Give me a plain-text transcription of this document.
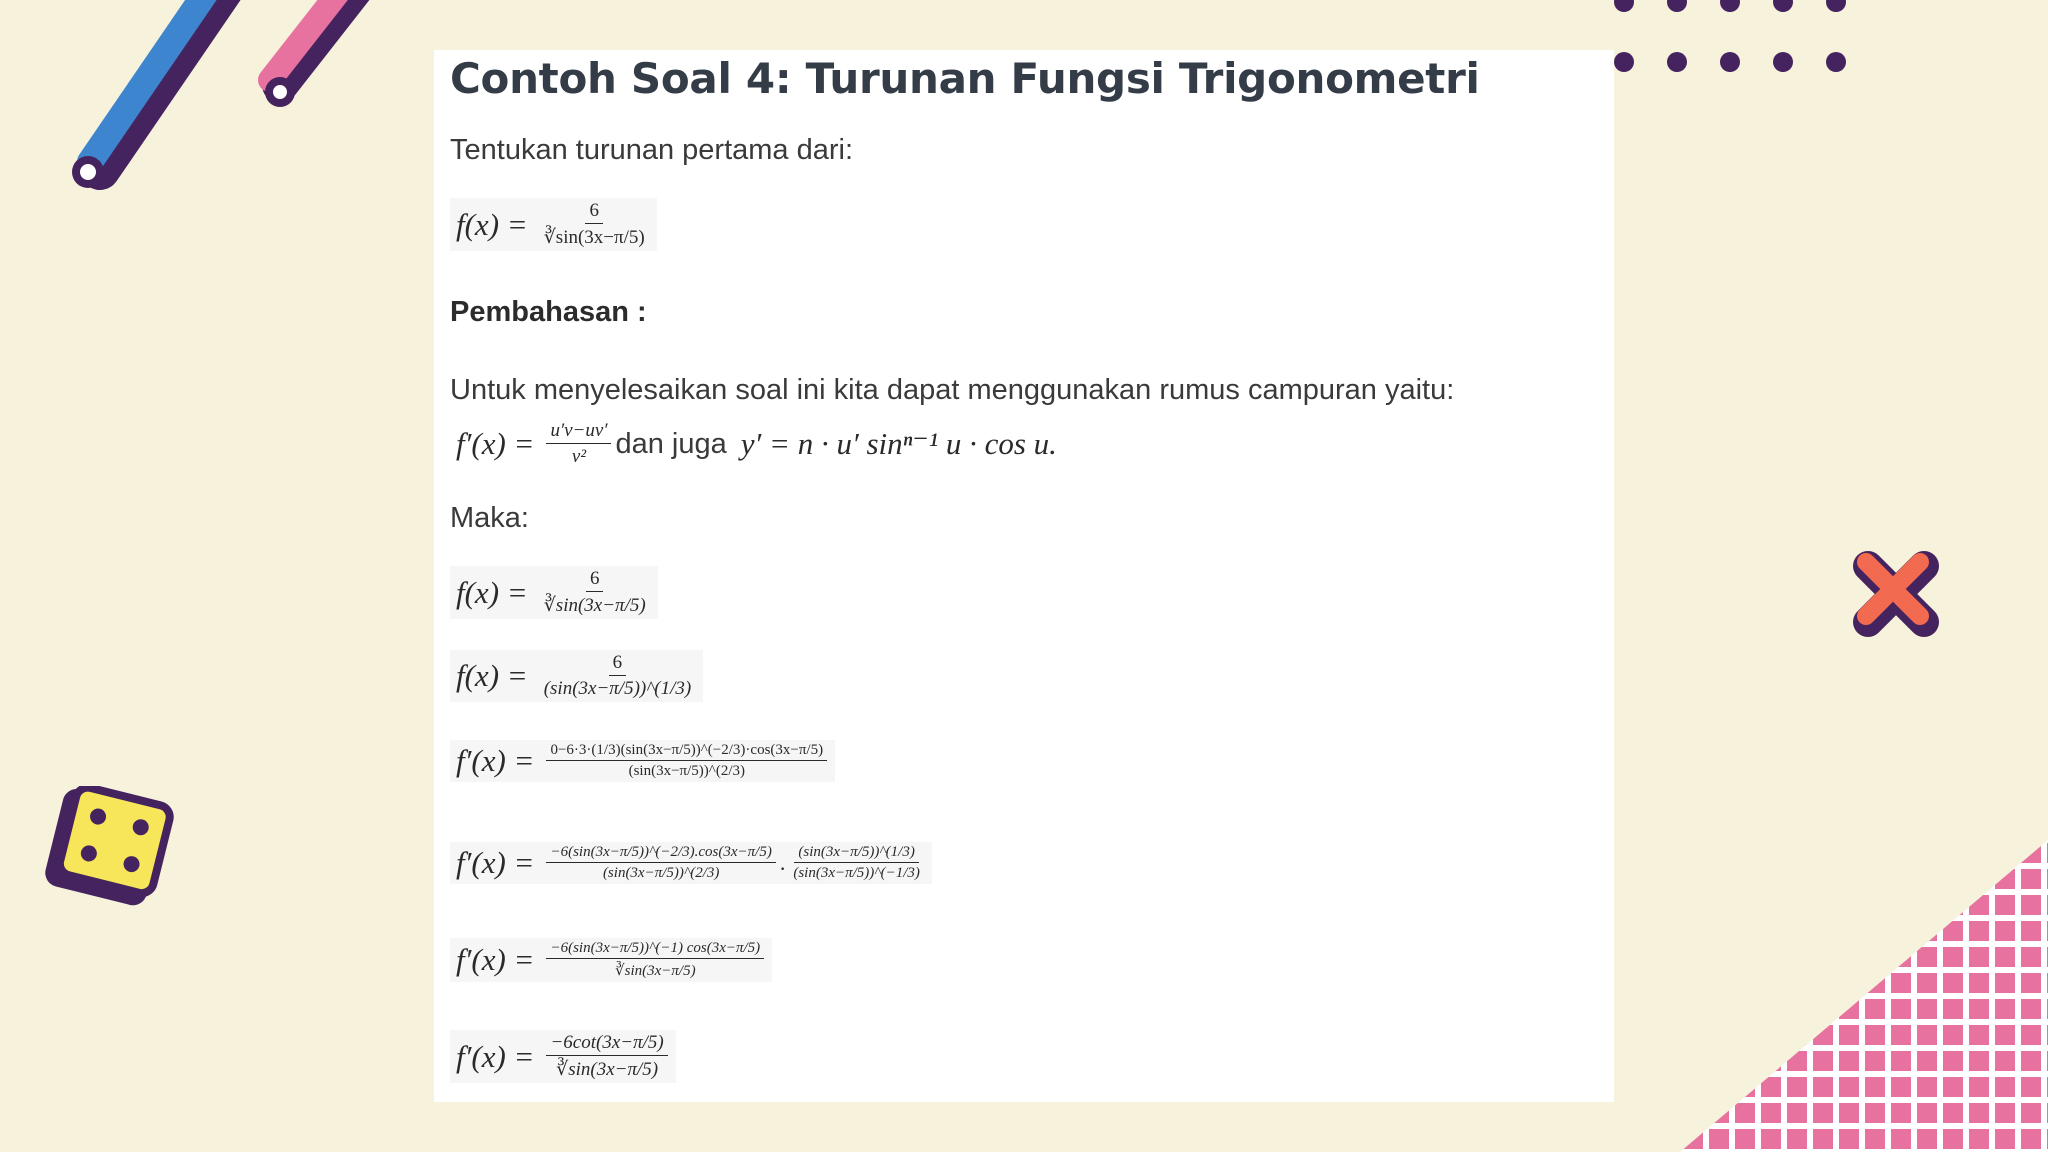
Contoh Soal 4: Turunan Fungsi Trigonometri

Tentukan turunan pertama dari:

$f(x) = \frac{6}{∛\sin(3x-\pi/5)}$

Pembahasan :

Untuk menyelesaikan soal ini kita dapat menggunakan rumus campuran yaitu:

$f'(x) = \frac{u'v-uv'}{\text{v²}}$ dan juga y′ = n · u′ sinⁿ⁻¹ u · cos u.

Maka:

$f(x) = \frac{6}{∛\sin(3x-\pi/5)}$
$f(x) = \frac{6}{(\sin(3x-\pi/5))\^{}(1/3)}$
$f'(x) = \frac{0-6\cdot 3\cdot(1/3)(\sin(3x-\pi/5))\^{}(-2/3)\cdot\cos(3x-\pi/5)}{(\sin(3x-\pi/5))\^{}(2/3)}$
$f'(x) = \frac{-6(\sin(3x-\pi/5))\^{}(-2/3).\cos(3x-\pi/5)}{(\sin(3x-\pi/5))\^{}(2/3)}$ . $\frac{(\sin(3x-\pi/5))\^{}(1/3)}{(\sin(3x-\pi/5))\^{}(-1/3)}$
$f'(x) = \frac{-6(\sin(3x-\pi/5))\^{}(-1) \cos(3x-\pi/5)}{∛\sin(3x-\pi/5)}$
$f'(x) = \frac{-6\cot(3x-\pi/5)}{∛\sin(3x-\pi/5)}$
